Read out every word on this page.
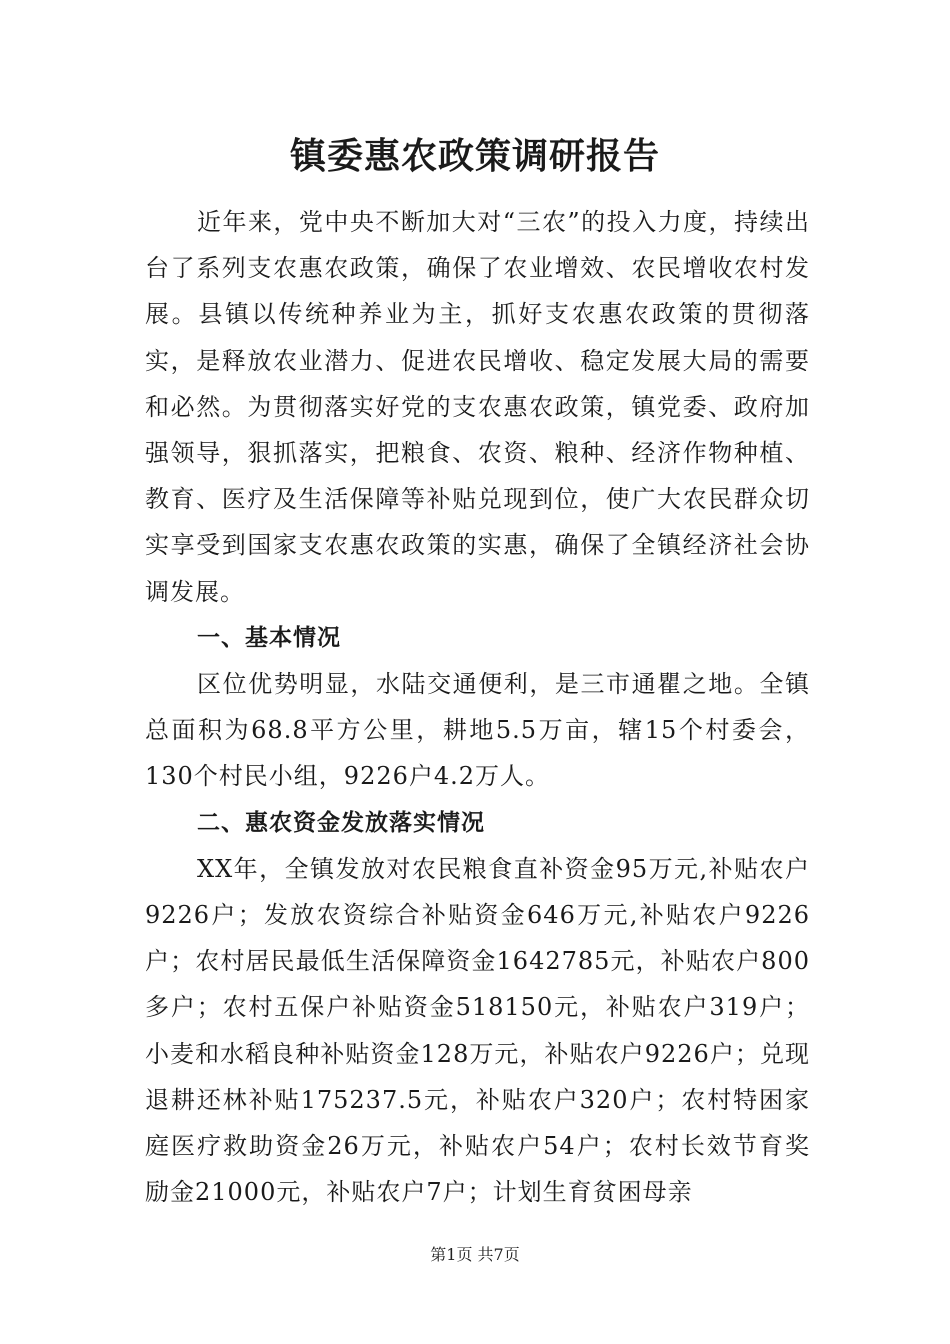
镇委惠农政策调研报告

近年来，党中央不断加大对“三农”的投入力度，持续出台了系列支农惠农政策，确保了农业增效、农民增收农村发展。县镇以传统种养业为主，抓好支农惠农政策的贯彻落实，是释放农业潜力、促进农民增收、稳定发展大局的需要和必然。为贯彻落实好党的支农惠农政策，镇党委、政府加强领导，狠抓落实，把粮食、农资、粮种、经济作物种植、教育、医疗及生活保障等补贴兑现到位，使广大农民群众切实享受到国家支农惠农政策的实惠，确保了全镇经济社会协调发展。

一、基本情况

区位优势明显，水陆交通便利，是三市通瞿之地。全镇总面积为68.8平方公里，耕地5.5万亩，辖15个村委会，130个村民小组，9226户4.2万人。

二、惠农资金发放落实情况

XX年，全镇发放对农民粮食直补资金95万元,补贴农户9226户；发放农资综合补贴资金646万元,补贴农户9226户；农村居民最低生活保障资金1642785元，补贴农户800多户；农村五保户补贴资金518150元，补贴农户319户；小麦和水稻良种补贴资金128万元，补贴农户9226户；兑现退耕还林补贴175237.5元，补贴农户320户；农村特困家庭医疗救助资金26万元，补贴农户54户；农村长效节育奖励金21000元，补贴农户7户；计划生育贫困母亲

第1页 共7页
